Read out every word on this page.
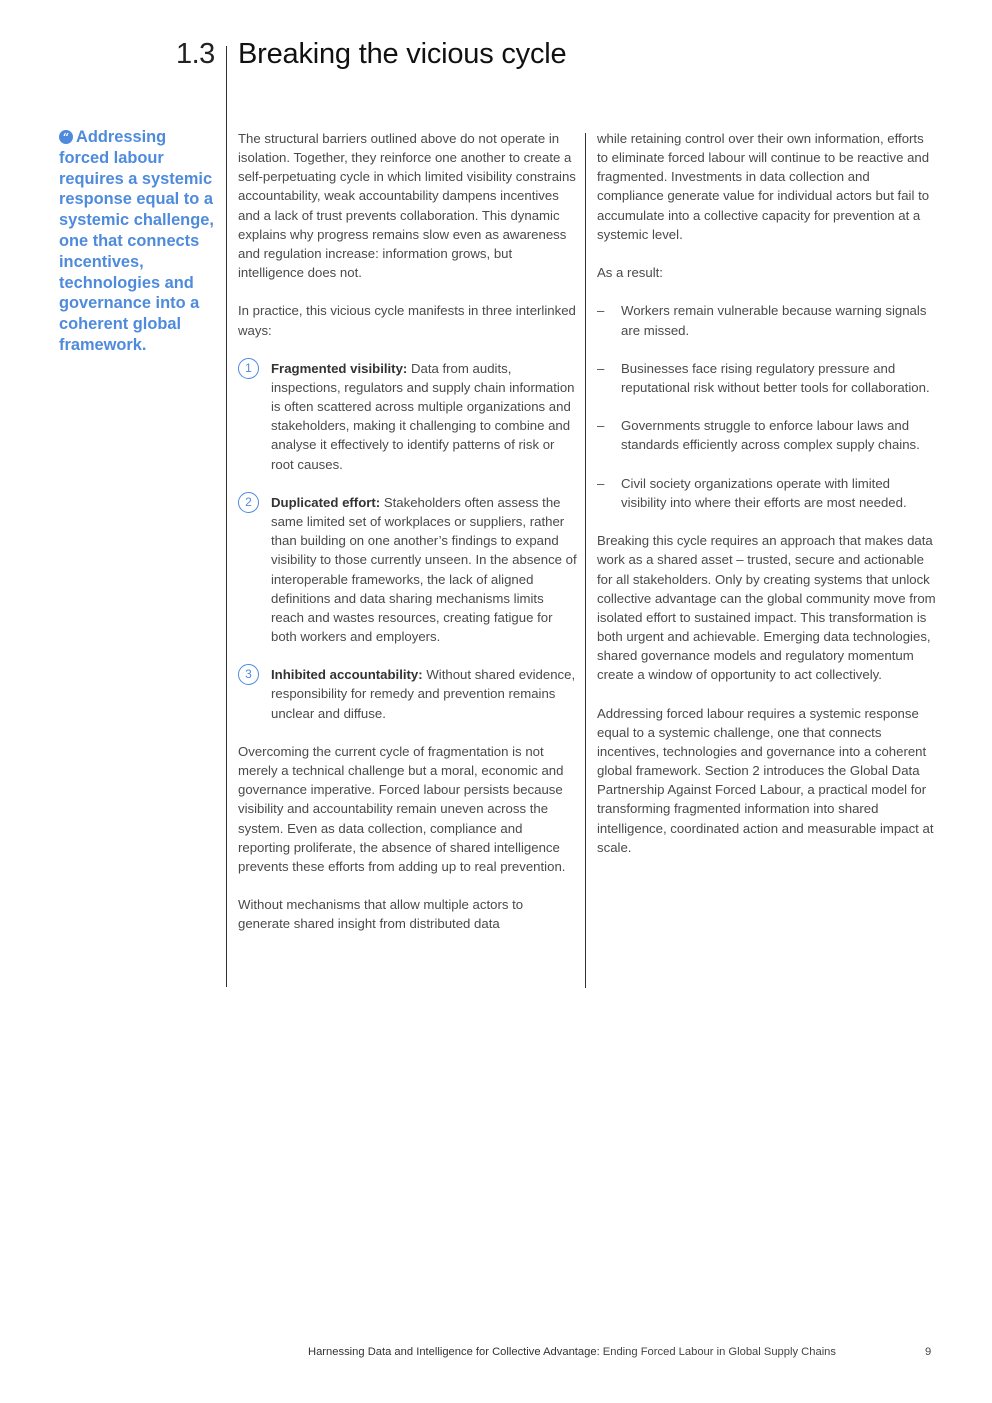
1.3 Breaking the vicious cycle
“ Addressing forced labour requires a systemic response equal to a systemic challenge, one that connects incentives, technologies and governance into a coherent global framework.

The structural barriers outlined above do not operate in isolation. Together, they reinforce one another to create a self-perpetuating cycle in which limited visibility constrains accountability, weak accountability dampens incentives and a lack of trust prevents collaboration. This dynamic explains why progress remains slow even as awareness and regulation increase: information grows, but intelligence does not.

In practice, this vicious cycle manifests in three interlinked ways:

1	Fragmented visibility: Data from audits, inspections, regulators and supply chain information is often scattered across multiple organizations and stakeholders, making it challenging to combine and analyse it effectively to identify patterns of risk or root causes.
2	Duplicated effort: Stakeholders often assess the same limited set of workplaces or suppliers, rather than building on one another’s findings to expand visibility to those currently unseen. In the absence of interoperable frameworks, the lack of aligned definitions and data sharing mechanisms limits reach and wastes resources, creating fatigue for both workers and employers.
3	Inhibited accountability: Without shared evidence, responsibility for remedy and prevention remains unclear and diffuse.

Overcoming the current cycle of fragmentation is not merely a technical challenge but a moral, economic and governance imperative. Forced labour persists because visibility and accountability remain uneven across the system. Even as data collection, compliance and reporting proliferate, the absence of shared intelligence prevents these efforts from adding up to real prevention.

Without mechanisms that allow multiple actors to generate shared insight from distributed data

while retaining control over their own information, efforts to eliminate forced labour will continue to be reactive and fragmented. Investments in data collection and compliance generate value for individual actors but fail to accumulate into a collective capacity for prevention at a systemic level.

As a result:

– Workers remain vulnerable because warning signals are missed.
– Businesses face rising regulatory pressure and reputational risk without better tools for collaboration.
– Governments struggle to enforce labour laws and standards efficiently across complex supply chains.
– Civil society organizations operate with limited visibility into where their efforts are most needed.

Breaking this cycle requires an approach that makes data work as a shared asset – trusted, secure and actionable for all stakeholders. Only by creating systems that unlock collective advantage can the global community move from isolated effort to sustained impact. This transformation is both urgent and achievable. Emerging data technologies, shared governance models and regulatory momentum create a window of opportunity to act collectively.

Addressing forced labour requires a systemic response equal to a systemic challenge, one that connects incentives, technologies and governance into a coherent global framework. Section 2 introduces the Global Data Partnership Against Forced Labour, a practical model for transforming fragmented information into shared intelligence, coordinated action and measurable impact at scale.

Harnessing Data and Intelligence for Collective Advantage: Ending Forced Labour in Global Supply Chains	9
